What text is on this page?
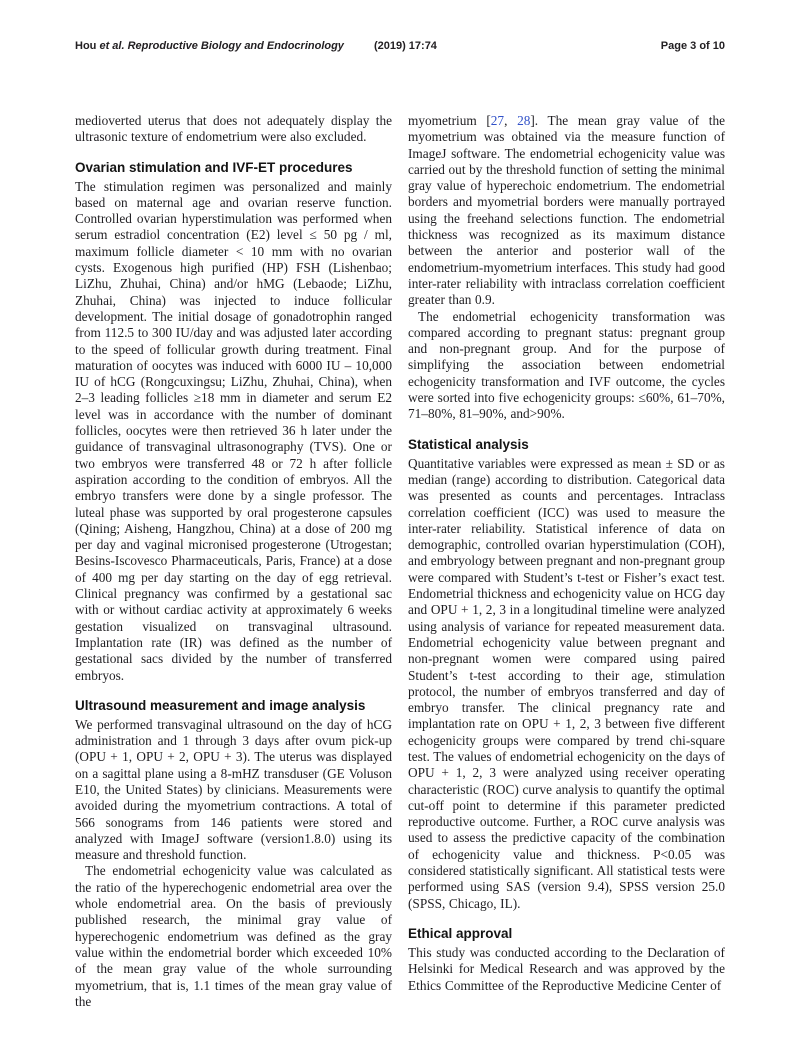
Hou et al. Reproductive Biology and Endocrinology	(2019) 17:74	Page 3 of 10

medioverted uterus that does not adequately display the ultrasonic texture of endometrium were also excluded.

Ovarian stimulation and IVF-ET procedures

The stimulation regimen was personalized and mainly based on maternal age and ovarian reserve function. Controlled ovarian hyperstimulation was performed when serum estradiol concentration (E2) level ≤ 50 pg / ml, maximum follicle diameter < 10 mm with no ovarian cysts. Exogenous high purified (HP) FSH (Lishenbao; LiZhu, Zhuhai, China) and/or hMG (Lebaode; LiZhu, Zhuhai, China) was injected to induce follicular development. The initial dosage of gonadotrophin ranged from 112.5 to 300 IU/day and was adjusted later according to the speed of follicular growth during treatment. Final maturation of oocytes was induced with 6000 IU – 10,000 IU of hCG (Rongcuxingsu; LiZhu, Zhuhai, China), when 2–3 leading follicles ≥18 mm in diameter and serum E2 level was in accordance with the number of dominant follicles, oocytes were then retrieved 36 h later under the guidance of transvaginal ultrasonography (TVS). One or two embryos were transferred 48 or 72 h after follicle aspiration according to the condition of embryos. All the embryo transfers were done by a single professor. The luteal phase was supported by oral progesterone capsules (Qining; Aisheng, Hangzhou, China) at a dose of 200 mg per day and vaginal micronised progesterone (Utrogestan; Besins-Iscovesco Pharmaceuticals, Paris, France) at a dose of 400 mg per day starting on the day of egg retrieval. Clinical pregnancy was confirmed by a gestational sac with or without cardiac activity at approximately 6 weeks gestation visualized on transvaginal ultrasound. Implantation rate (IR) was defined as the number of gestational sacs divided by the number of transferred embryos.

Ultrasound measurement and image analysis

We performed transvaginal ultrasound on the day of hCG administration and 1 through 3 days after ovum pick-up (OPU + 1, OPU + 2, OPU + 3). The uterus was displayed on a sagittal plane using a 8-mHZ transduser (GE Voluson E10, the United States) by clinicians. Measurements were avoided during the myometrium contractions. A total of 566 sonograms from 146 patients were stored and analyzed with ImageJ software (version1.8.0) using its measure and threshold function.

The endometrial echogenicity value was calculated as the ratio of the hyperechogenic endometrial area over the whole endometrial area. On the basis of previously published research, the minimal gray value of hyperechogenic endometrium was defined as the gray value within the endometrial border which exceeded 10% of the mean gray value of the whole surrounding myometrium, that is, 1.1 times of the mean gray value of the

myometrium [27, 28]. The mean gray value of the myometrium was obtained via the measure function of ImageJ software. The endometrial echogenicity value was carried out by the threshold function of setting the minimal gray value of hyperechoic endometrium. The endometrial borders and myometrial borders were manually portrayed using the freehand selections function. The endometrial thickness was recognized as its maximum distance between the anterior and posterior wall of the endometrium-myometrium interfaces. This study had good inter-rater reliability with intraclass correlation coefficient greater than 0.9.

The endometrial echogenicity transformation was compared according to pregnant status: pregnant group and non-pregnant group. And for the purpose of simplifying the association between endometrial echogenicity transformation and IVF outcome, the cycles were sorted into five echogenicity groups: ≤60%, 61–70%, 71–80%, 81–90%, and>90%.

Statistical analysis

Quantitative variables were expressed as mean ± SD or as median (range) according to distribution. Categorical data was presented as counts and percentages. Intraclass correlation coefficient (ICC) was used to measure the inter-rater reliability. Statistical inference of data on demographic, controlled ovarian hyperstimulation (COH), and embryology between pregnant and non-pregnant group were compared with Student’s t-test or Fisher’s exact test. Endometrial thickness and echogenicity value on HCG day and OPU + 1, 2, 3 in a longitudinal timeline were analyzed using analysis of variance for repeated measurement data. Endometrial echogenicity value between pregnant and non-pregnant women were compared using paired Student’s t-test according to their age, stimulation protocol, the number of embryos transferred and day of embryo transfer. The clinical pregnancy rate and implantation rate on OPU + 1, 2, 3 between five different echogenicity groups were compared by trend chi-square test. The values of endometrial echogenicity on the days of OPU + 1, 2, 3 were analyzed using receiver operating characteristic (ROC) curve analysis to quantify the optimal cut-off point to determine if this parameter predicted reproductive outcome. Further, a ROC curve analysis was used to assess the predictive capacity of the combination of echogenicity value and thickness. P<0.05 was considered statistically significant. All statistical tests were performed using SAS (version 9.4), SPSS version 25.0 (SPSS, Chicago, IL).

Ethical approval

This study was conducted according to the Declaration of Helsinki for Medical Research and was approved by the Ethics Committee of the Reproductive Medicine Center of
